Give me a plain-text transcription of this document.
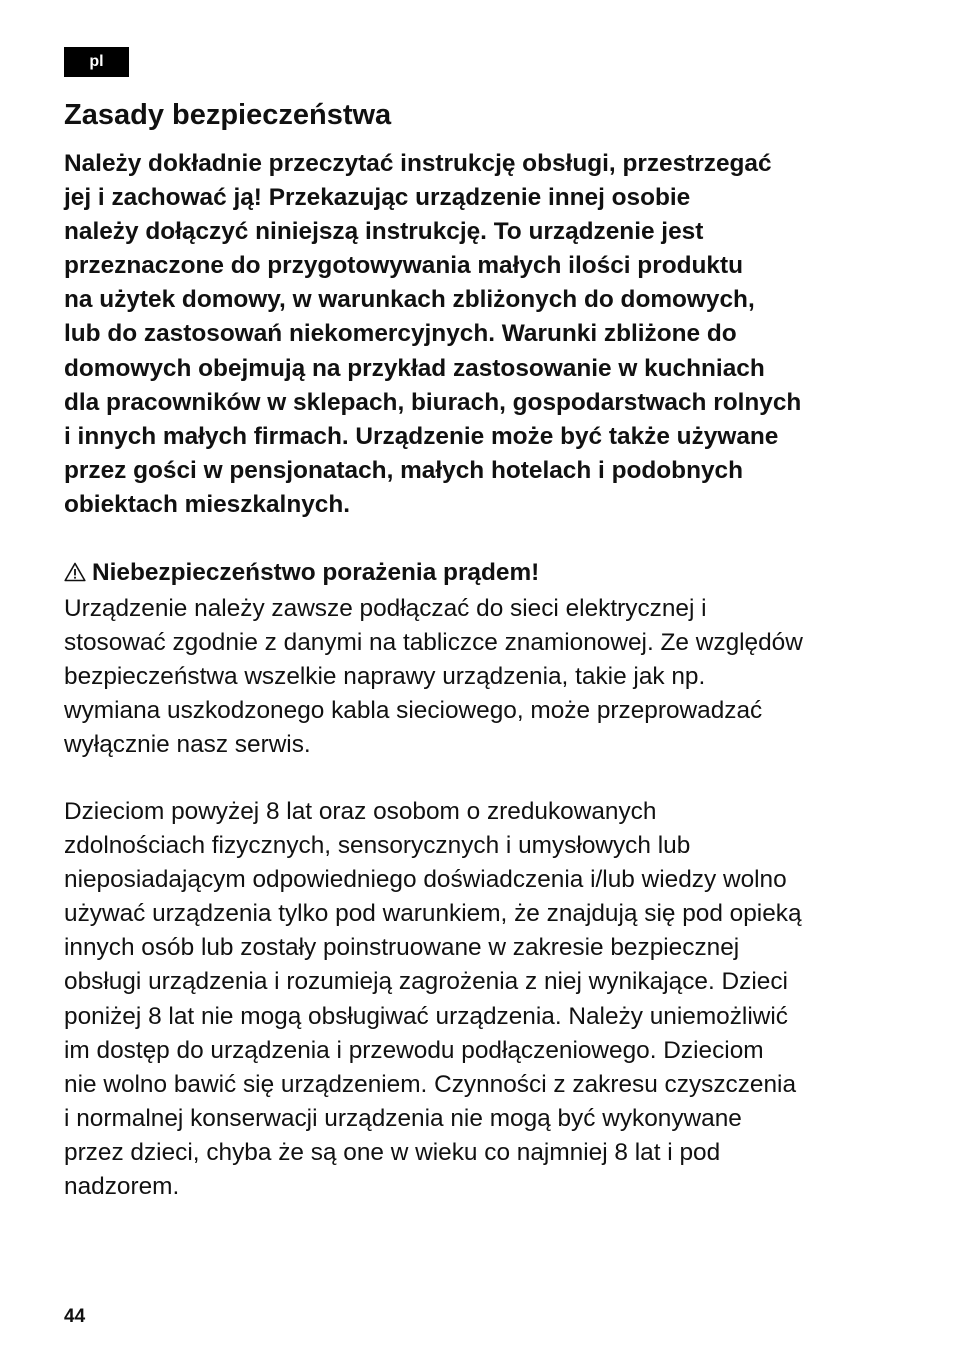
pl
Zasady bezpieczeństwa
Należy dokładnie przeczytać instrukcję obsługi, przestrzegać
jej i zachować ją! Przekazując urządzenie innej osobie
należy dołączyć niniejszą instrukcję. To urządzenie jest
przeznaczone do przygotowywania małych ilości produktu
na użytek domowy, w warunkach zbliżonych do domowych,
lub do zastosowań niekomercyjnych. Warunki zbliżone do
domowych obejmują na przykład zastosowanie w kuchniach
dla pracowników w sklepach, biurach, gospodarstwach rolnych
i innych małych firmach. Urządzenie może być także używane
przez gości w pensjonatach, małych hotelach i podobnych
obiektach mieszkalnych.
Niebezpieczeństwo porażenia prądem!
Urządzenie należy zawsze podłączać do sieci elektrycznej i
stosować zgodnie z danymi na tabliczce znamionowej. Ze względów
bezpieczeństwa wszelkie naprawy urządzenia, takie jak np.
wymiana uszkodzonego kabla sieciowego, może przeprowadzać
wyłącznie nasz serwis.
Dzieciom powyżej 8 lat oraz osobom o zredukowanych
zdolnościach fizycznych, sensorycznych i umysłowych lub
nieposiadającym odpowiedniego doświadczenia i/lub wiedzy wolno
używać urządzenia tylko pod warunkiem, że znajdują się pod opieką
innych osób lub zostały poinstruowane w zakresie bezpiecznej
obsługi urządzenia i rozumieją zagrożenia z niej wynikające. Dzieci
poniżej 8 lat nie mogą obsługiwać urządzenia. Należy uniemożliwić
im dostęp do urządzenia i przewodu podłączeniowego. Dzieciom
nie wolno bawić się urządzeniem. Czynności z zakresu czyszczenia
i normalnej konserwacji urządzenia nie mogą być wykonywane
przez dzieci, chyba że są one w wieku co najmniej 8 lat i pod
nadzorem.
44
